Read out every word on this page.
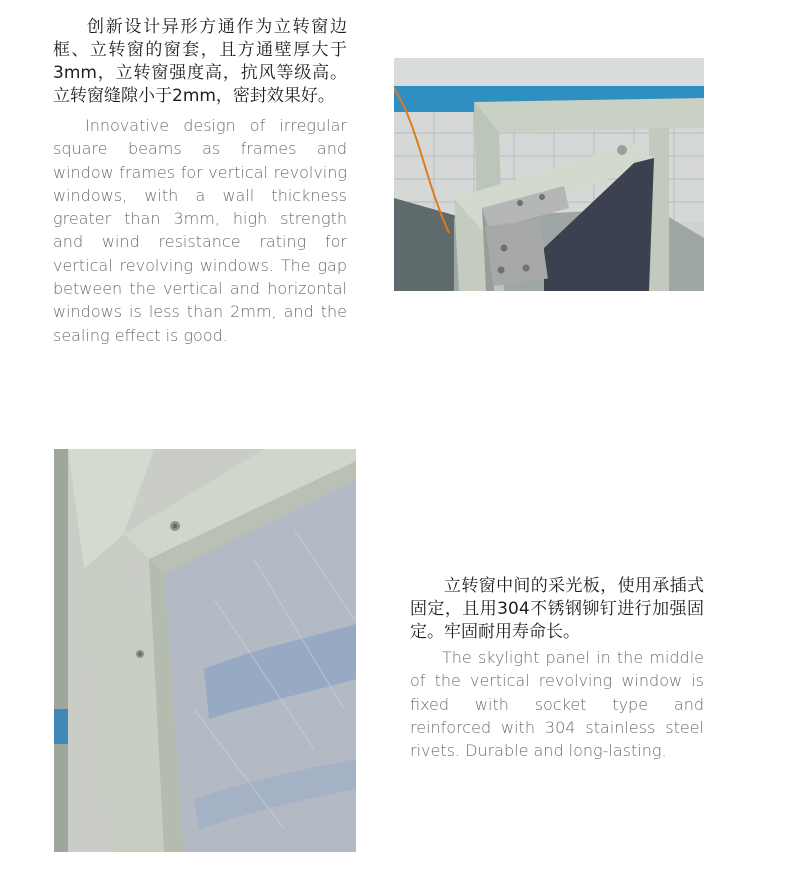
创新设计异形方通作为立转窗边框、立转窗的窗套，且方通壁厚大于3mm，立转窗强度高，抗风等级高。立转窗缝隙小于2mm，密封效果好。

Innovative design of irregular square beams as frames and window frames for vertical revolving windows, with a wall thickness greater than 3mm, high strength and wind resistance rating for vertical revolving windows. The gap between the vertical and horizontal windows is less than 2mm, and the sealing effect is good.

立转窗中间的采光板，使用承插式固定，且用304不锈钢铆钉进行加强固定。牢固耐用寿命长。

The skylight panel in the middle of the vertical revolving window is fixed with socket type and reinforced with 304 stainless steel rivets. Durable and long-lasting.
